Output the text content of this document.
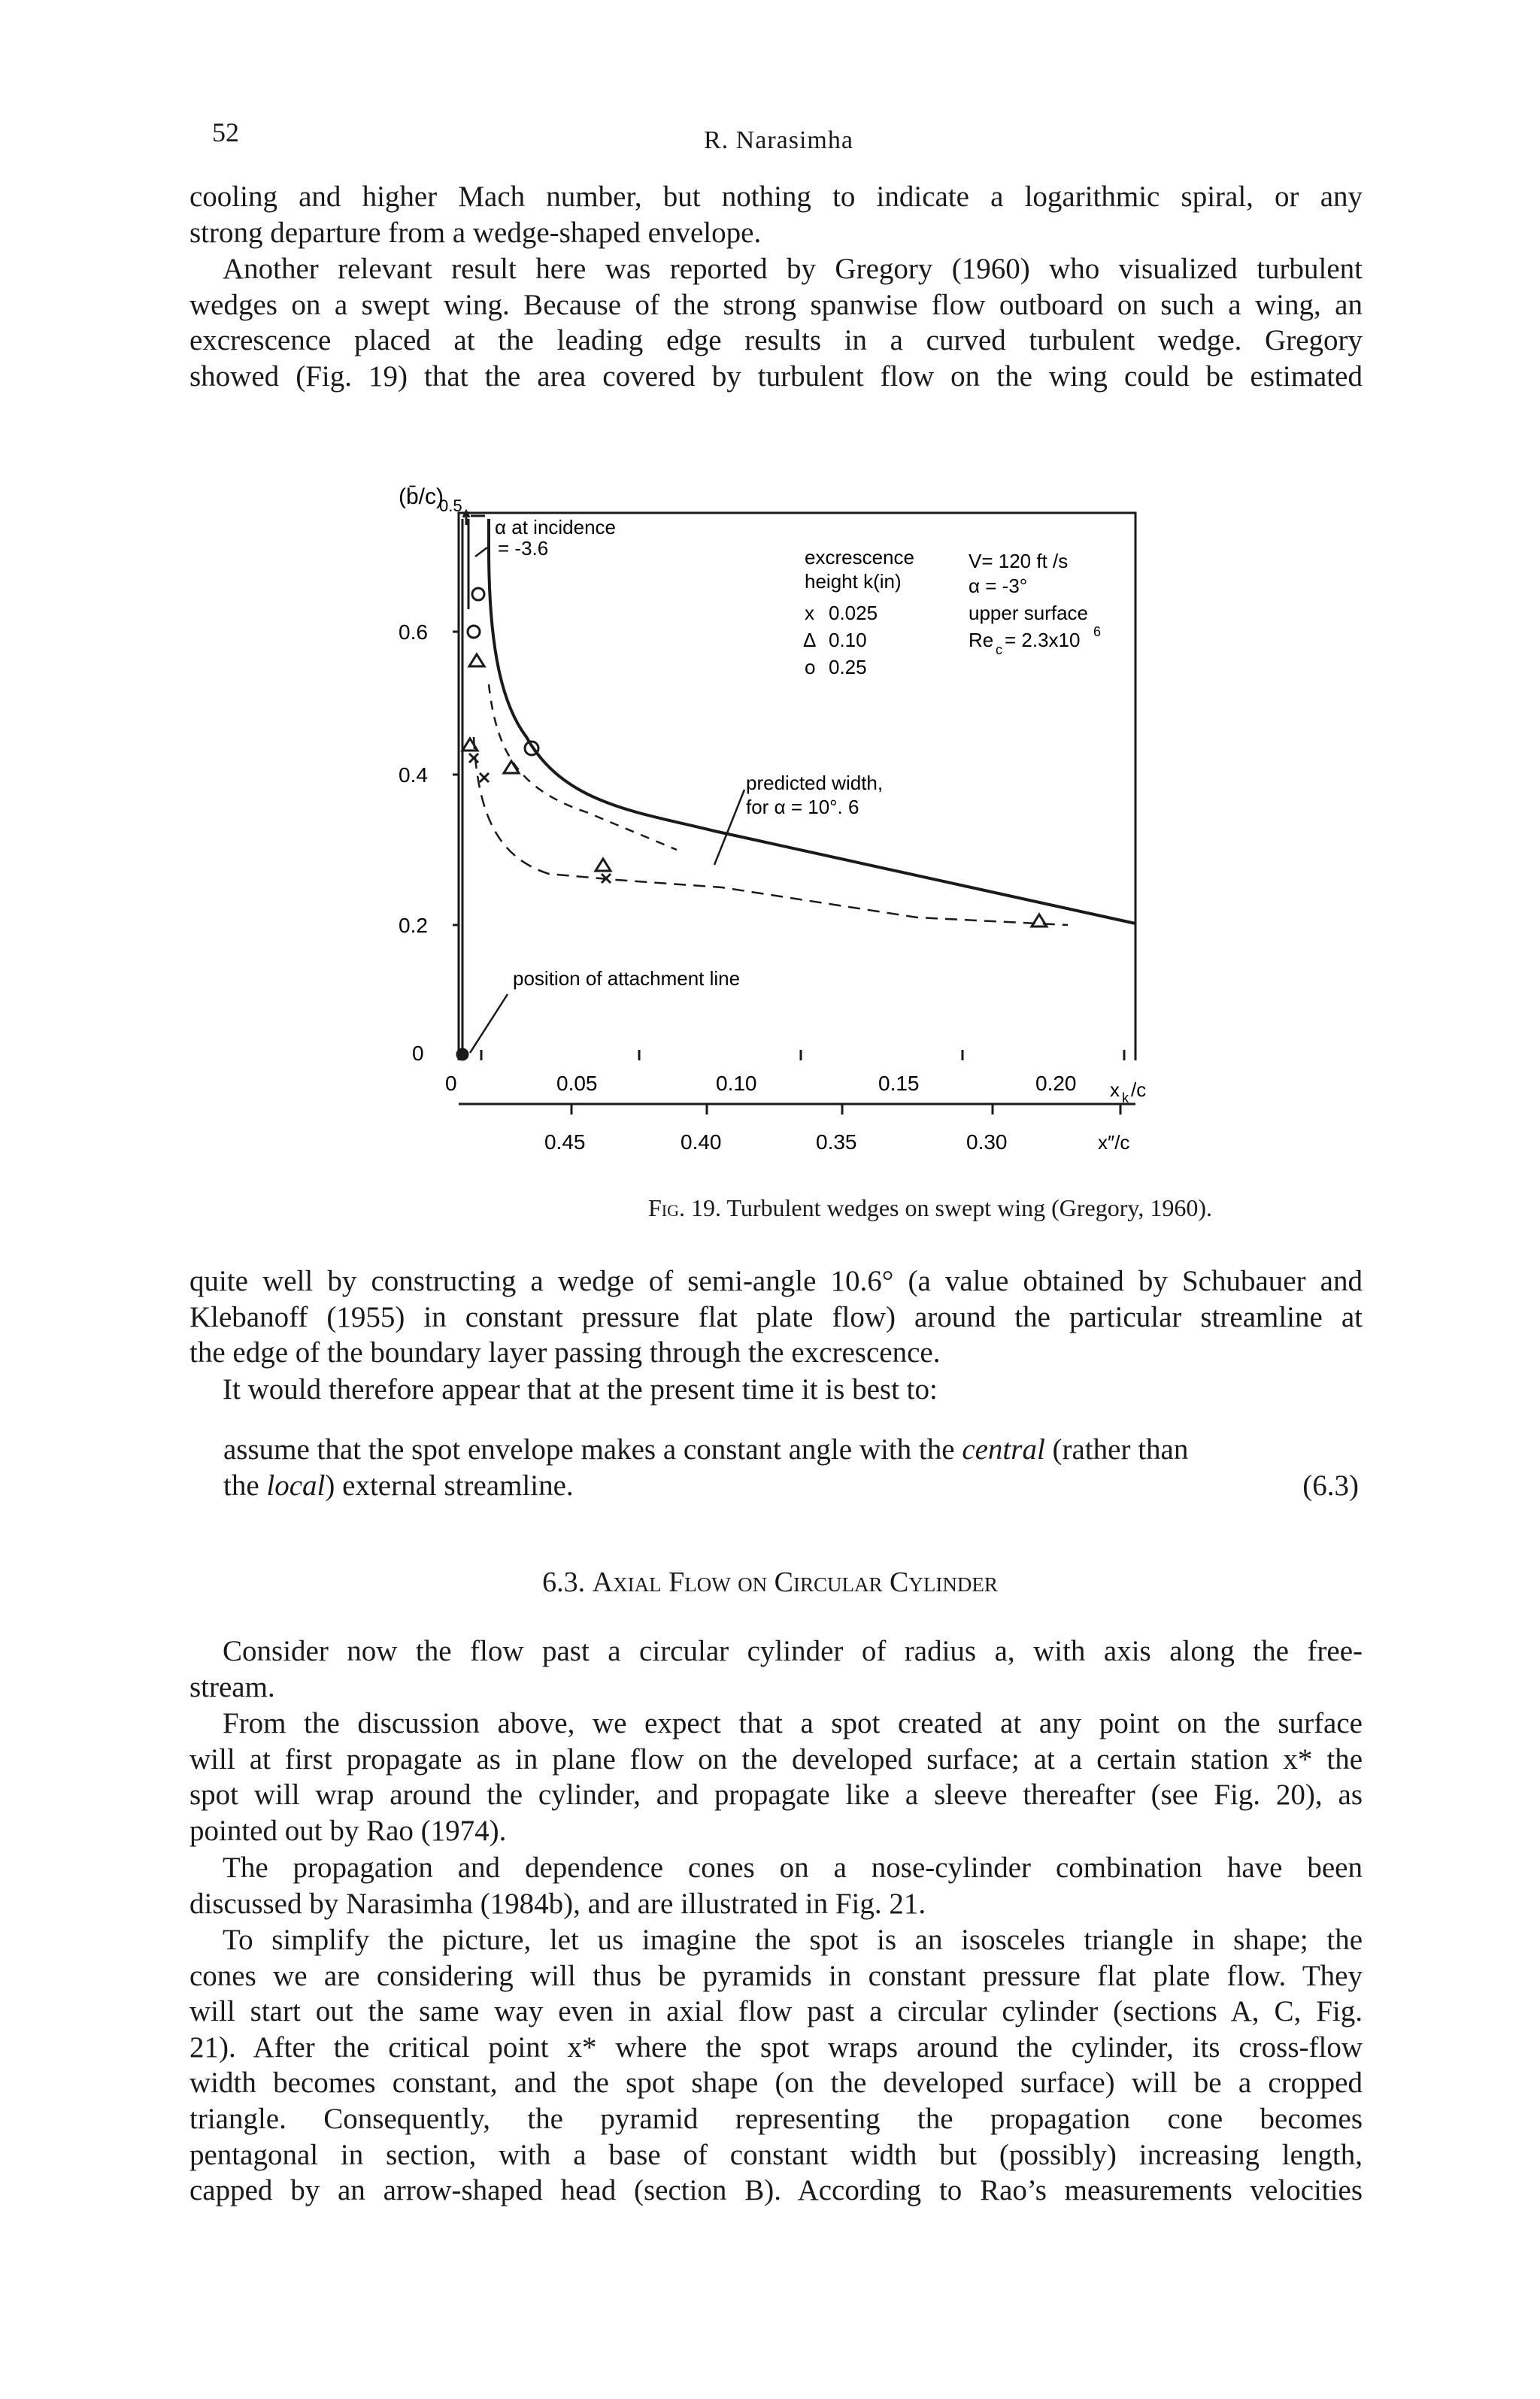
52	R. Narasimha
cooling and higher Mach number, but nothing to indicate a logarithmic spiral, or any
strong departure from a wedge-shaped envelope.
Another relevant result here was reported by Gregory (1960) who visualized turbulent
wedges on a swept wing. Because of the strong spanwise flow outboard on such a wing, an
excrescence placed at the leading edge results in a curved turbulent wedge. Gregory
showed (Fig. 19) that the area covered by turbulent flow on the wing could be estimated
(b̄/c)
0.5
0
0.2
0.4
0.6
0	0.05	0.10	0.15	0.20 x k /c
0.45	0.40	0.35	0.30	x″/c
α at incidence
= -3.6	excrescence
height k(in)
x 0.025
Δ 0.10
o 0.25
V= 120 ft /s
α = -3°
upper surface
Re c = 2.3x10 6
predicted width,
for α = 10°. 6
position of attachment line
Fig. 19. Turbulent wedges on swept wing (Gregory, 1960).
quite well by constructing a wedge of semi-angle 10.6° (a value obtained by Schubauer and
Klebanoff (1955) in constant pressure flat plate flow) around the particular streamline at
the edge of the boundary layer passing through the excrescence.
It would therefore appear that at the present time it is best to:
assume that the spot envelope makes a constant angle with the central (rather than
the local) external streamline.	(6.3)
6.3. Axial Flow on Circular Cylinder
Consider now the flow past a circular cylinder of radius a, with axis along the free-
stream.
From the discussion above, we expect that a spot created at any point on the surface
will at first propagate as in plane flow on the developed surface; at a certain station x* the
spot will wrap around the cylinder, and propagate like a sleeve thereafter (see Fig. 20), as
pointed out by Rao (1974).
The propagation and dependence cones on a nose-cylinder combination have been
discussed by Narasimha (1984b), and are illustrated in Fig. 21.
To simplify the picture, let us imagine the spot is an isosceles triangle in shape; the
cones we are considering will thus be pyramids in constant pressure flat plate flow. They
will start out the same way even in axial flow past a circular cylinder (sections A, C, Fig.
21). After the critical point x* where the spot wraps around the cylinder, its cross-flow
width becomes constant, and the spot shape (on the developed surface) will be a cropped
triangle. Consequently, the pyramid representing the propagation cone becomes
pentagonal in section, with a base of constant width but (possibly) increasing length,
capped by an arrow-shaped head (section B). According to Rao’s measurements velocities
